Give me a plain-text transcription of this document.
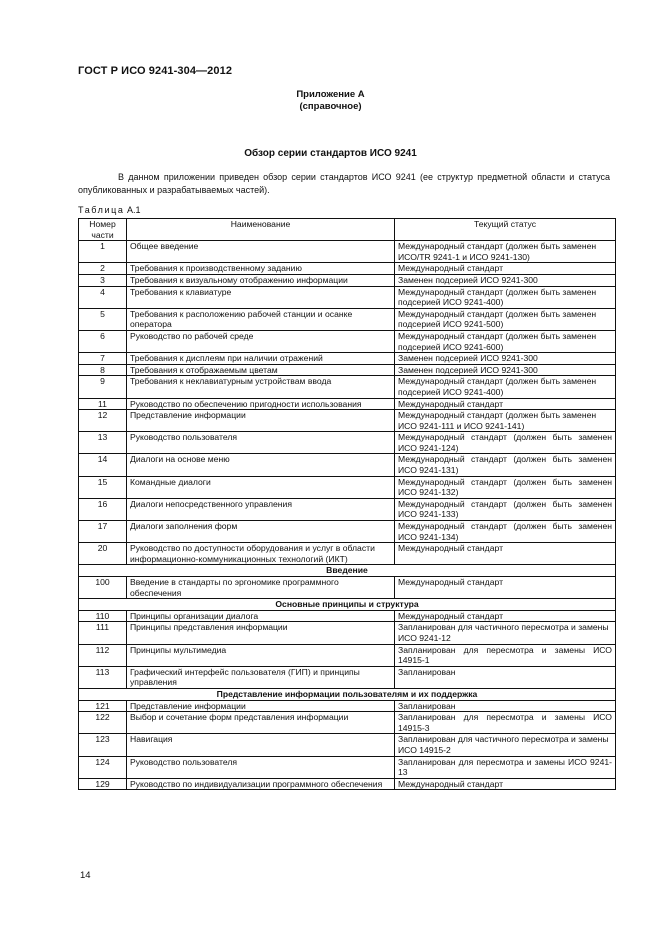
ГОСТ Р ИСО 9241-304—2012
Приложение А
(справочное)
Обзор серии стандартов ИСО 9241
В данном приложении приведен обзор серии стандартов ИСО 9241 (ее структур предметной области и статуса опубликованных и разрабатываемых частей).
Таблица А.1
Номер части	Наименование	Текущий статус
1	Общее введение	Международный стандарт (должен быть заменен ИСО/TR 9241-1 и ИСО 9241-130)
2	Требования к производственному заданию	Международный стандарт
3	Требования к визуальному отображению информации	Заменен подсерией ИСО 9241-300
4	Требования к клавиатуре	Международный стандарт (должен быть заменен подсерией ИСО 9241-400)
5	Требования к расположению рабочей станции и осанке оператора	Международный стандарт (должен быть заменен подсерией ИСО 9241-500)
6	Руководство по рабочей среде	Международный стандарт (должен быть заменен подсерией ИСО 9241-600)
7	Требования к дисплеям при наличии отражений	Заменен подсерией ИСО 9241-300
8	Требования к отображаемым цветам	Заменен подсерией ИСО 9241-300
9	Требования к неклавиатурным устройствам ввода	Международный стандарт (должен быть заменен подсерией ИСО 9241-400)
11	Руководство по обеспечению пригодности использования	Международный стандарт
12	Представление информации	Международный стандарт (должен быть заменен ИСО 9241-111 и ИСО 9241-141)
13	Руководство пользователя	Международный стандарт (должен быть заменен ИСО 9241-124)
14	Диалоги на основе меню	Международный стандарт (должен быть заменен ИСО 9241-131)
15	Командные диалоги	Международный стандарт (должен быть заменен ИСО 9241-132)
16	Диалоги непосредственного управления	Международный стандарт (должен быть заменен ИСО 9241-133)
17	Диалоги заполнения форм	Международный стандарт (должен быть заменен ИСО 9241-134)
20	Руководство по доступности оборудования и услуг в области информационно-коммуникационных технологий (ИКТ)	Международный стандарт
Введение		
100	Введение в стандарты по эргономике программного обеспечения	Международный стандарт
Основные принципы и структура		
110	Принципы организации диалога	Международный стандарт
111	Принципы представления информации	Запланирован для частичного пересмотра и замены ИСО 9241-12
112	Принципы мультимедиа	Запланирован для пересмотра и замены ИСО 14915-1
113	Графический интерфейс пользователя (ГИП) и принципы управления	Запланирован
Представление информации пользователям и их поддержка		
121	Представление информации	Запланирован
122	Выбор и сочетание форм представления информации	Запланирован для пересмотра и замены ИСО 14915-3
123	Навигация	Запланирован для частичного пересмотра и замены ИСО 14915-2
124	Руководство пользователя	Запланирован для пересмотра и замены ИСО 9241-13
129	Руководство по индивидуализации программного обеспечения	Международный стандарт
14
